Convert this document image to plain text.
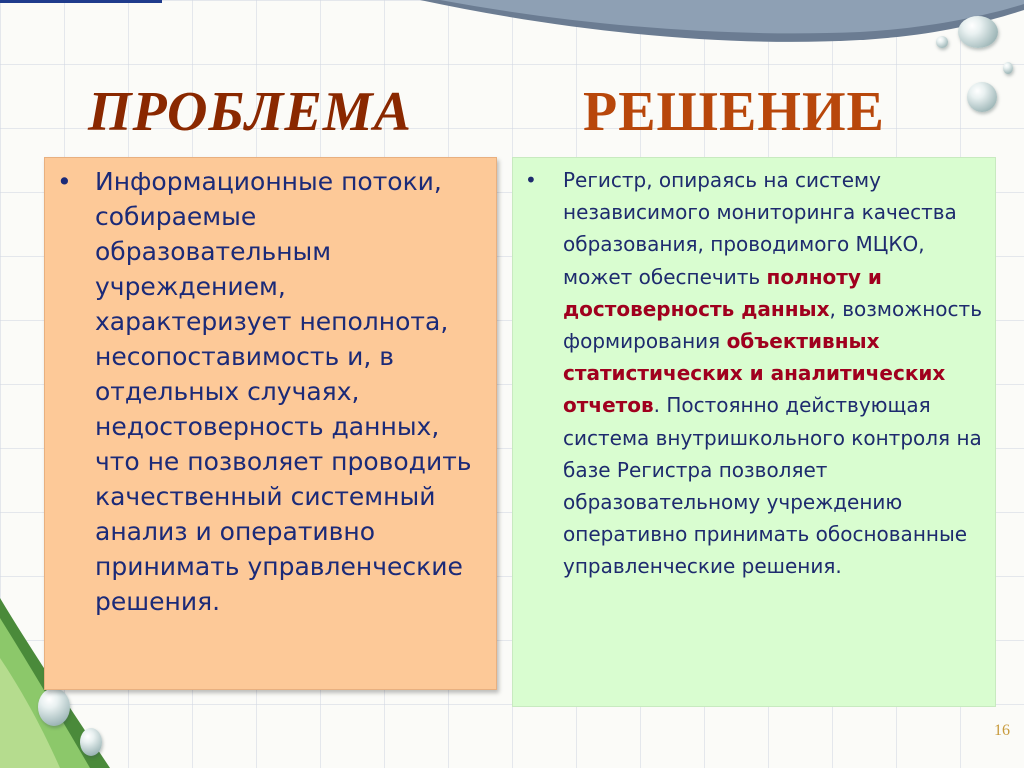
ПРОБЛЕМА	РЕШЕНИЕ
• Информационные потоки, собираемые образовательным учреждением, характеризует неполнота, несопоставимость и, в отдельных случаях, недостоверность данных, что не позволяет проводить качественный системный анализ и оперативно принимать управленческие решения.
• Регистр, опираясь на систему независимого мониторинга качества образования, проводимого МЦКО, может обеспечить полноту и достоверность данных, возможность формирования объективных статистических и аналитических отчетов. Постоянно действующая система внутришкольного контроля на базе Регистра позволяет образовательному учреждению оперативно принимать обоснованные управленческие решения.
16
